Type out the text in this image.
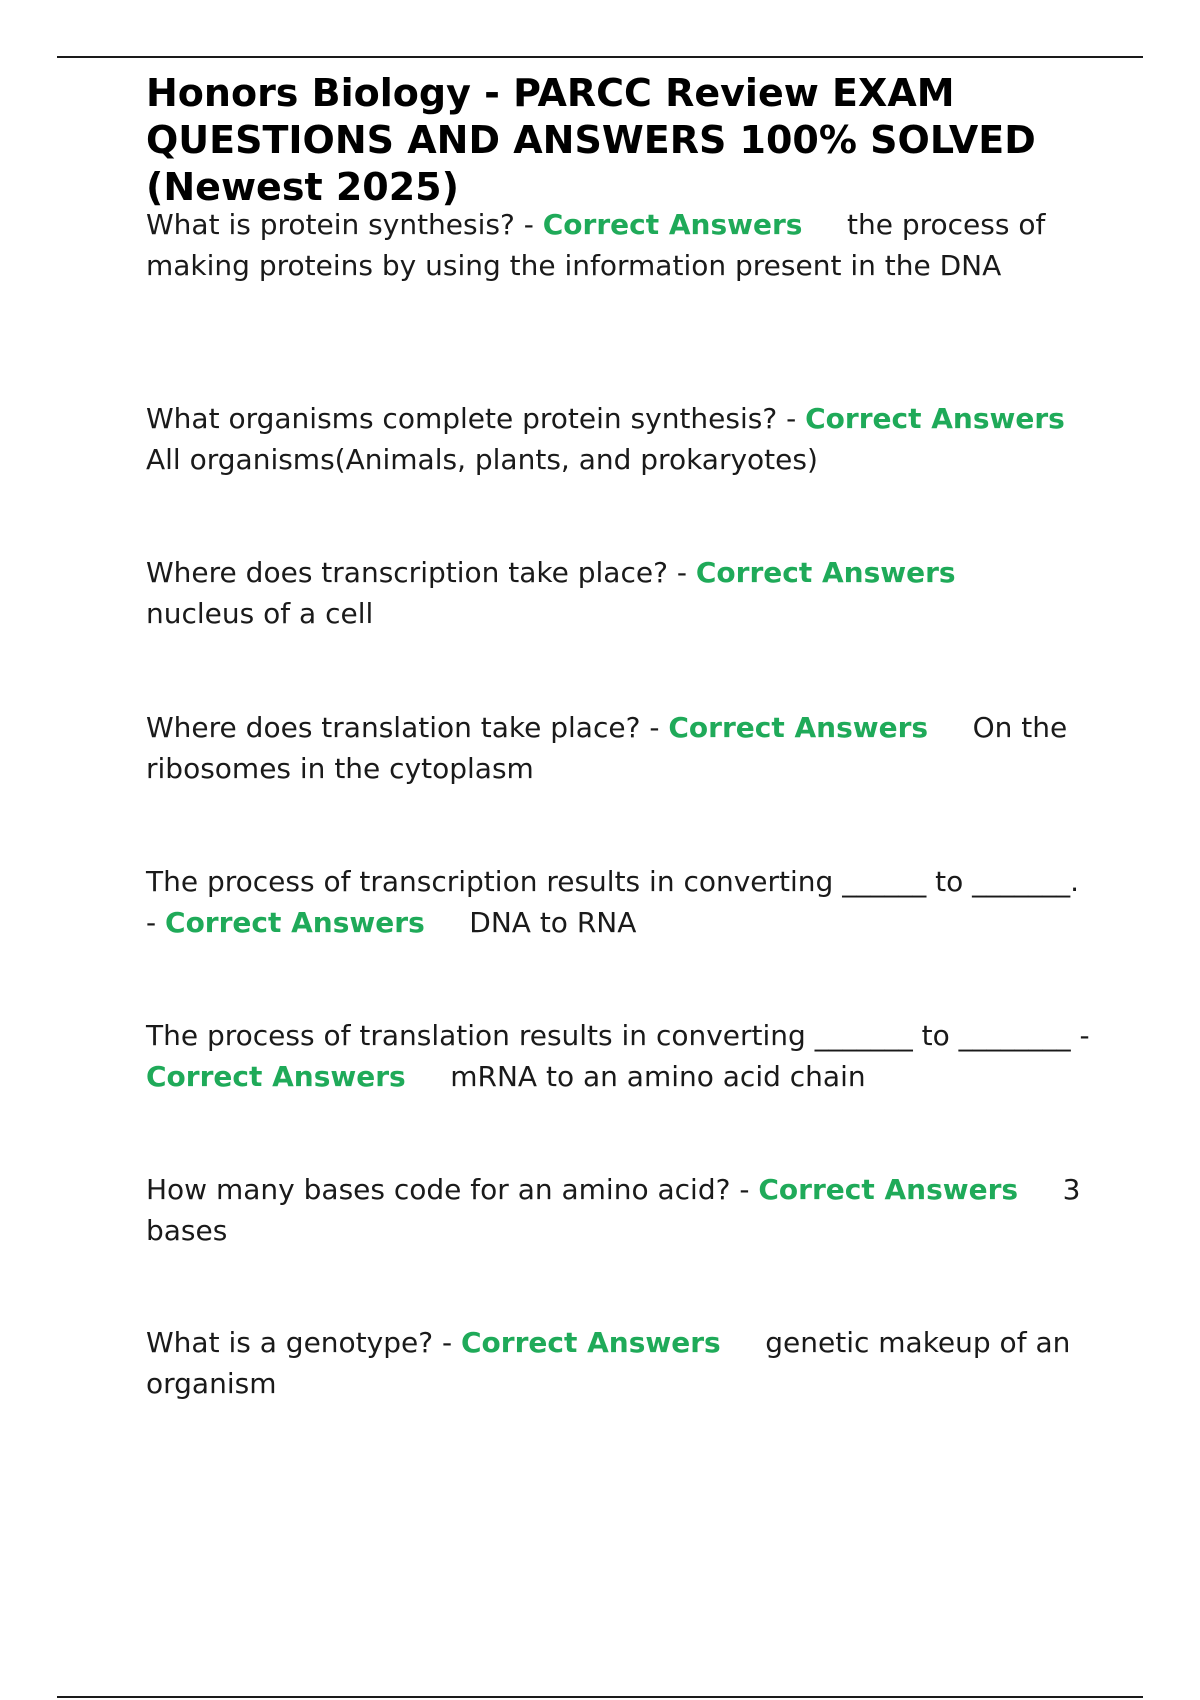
Honors Biology - PARCC Review EXAM QUESTIONS AND ANSWERS 100% SOLVED (Newest 2025)

What is protein synthesis? - Correct Answers     the process of making proteins by using the information present in the DNA

What organisms complete protein synthesis? - Correct Answers     All organisms(Animals, plants, and prokaryotes)

Where does transcription take place? - Correct Answers     nucleus of a cell

Where does translation take place? - Correct Answers     On the ribosomes in the cytoplasm

The process of transcription results in converting ______ to _______. - Correct Answers     DNA to RNA

The process of translation results in converting _______ to ________ - Correct Answers     mRNA to an amino acid chain

How many bases code for an amino acid? - Correct Answers     3 bases

What is a genotype? - Correct Answers     genetic makeup of an organism
